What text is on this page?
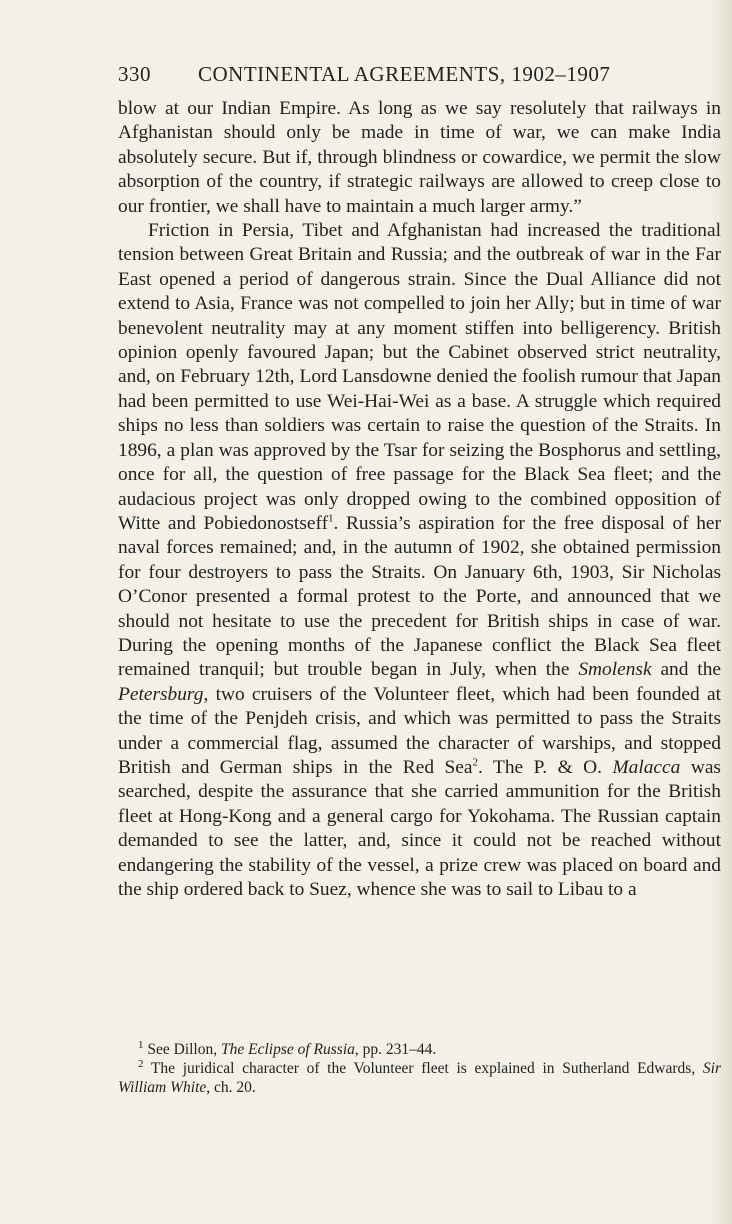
330 CONTINENTAL AGREEMENTS, 1902–1907

blow at our Indian Empire. As long as we say resolutely that railways in Afghanistan should only be made in time of war, we can make India absolutely secure. But if, through blindness or cowardice, we permit the slow absorption of the country, if strategic railways are allowed to creep close to our frontier, we shall have to maintain a much larger army.”

Friction in Persia, Tibet and Afghanistan had increased the traditional tension between Great Britain and Russia; and the outbreak of war in the Far East opened a period of dangerous strain. Since the Dual Alliance did not extend to Asia, France was not compelled to join her Ally; but in time of war benevolent neutrality may at any moment stiffen into belligerency. British opinion openly favoured Japan; but the Cabinet observed strict neutrality, and, on February 12th, Lord Lansdowne denied the foolish rumour that Japan had been permitted to use Wei-Hai-Wei as a base. A struggle which required ships no less than soldiers was certain to raise the question of the Straits. In 1896, a plan was approved by the Tsar for seizing the Bosphorus and settling, once for all, the question of free passage for the Black Sea fleet; and the audacious project was only dropped owing to the combined opposition of Witte and Pobiedonostseff$^1$. Russia’s aspiration for the free disposal of her naval forces remained; and, in the autumn of 1902, she obtained permission for four destroyers to pass the Straits. On January 6th, 1903, Sir Nicholas O’Conor presented a formal protest to the Porte, and announced that we should not hesitate to use the precedent for British ships in case of war. During the opening months of the Japanese conflict the Black Sea fleet remained tranquil; but trouble began in July, when the Smolensk and the Petersburg, two cruisers of the Volunteer fleet, which had been founded at the time of the Penjdeh crisis, and which was permitted to pass the Straits under a commercial flag, assumed the character of warships, and stopped British and German ships in the Red Sea$^2$. The P. & O. Malacca was searched, despite the assurance that she carried ammunition for the British fleet at Hong-Kong and a general cargo for Yokohama. The Russian captain demanded to see the latter, and, since it could not be reached without endangering the stability of the vessel, a prize crew was placed on board and the ship ordered back to Suez, whence she was to sail to Libau to a

$^1$ See Dillon, The Eclipse of Russia, pp. 231–44.

$^2$ The juridical character of the Volunteer fleet is explained in Sutherland Edwards, Sir William White, ch. 20.
